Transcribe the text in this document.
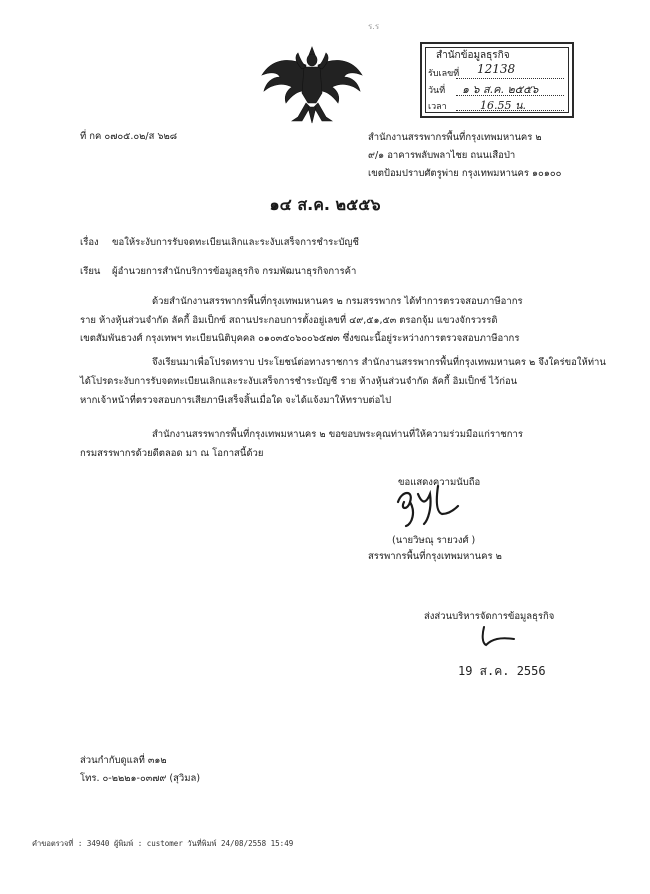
ร.ร
สำนักข้อมูลธุรกิจ
รับเลขที่ 12138
วันที่ ๑ ๖ ส.ค. ๒๕๕๖
เวลา	16.55 น.
ที่ กค ๐๗๐๕.๐๒/ส ๖๒๘	สำนักงานสรรพากรพื้นที่กรุงเทพมหานคร ๒
๙/๑ อาคารพลับพลาไชย ถนนเสือป่า
เขตป้อมปราบศัตรูพ่าย กรุงเทพมหานคร ๑๐๑๐๐
๑๔ ส.ค. ๒๕๕๖
เรื่อง ขอให้ระงับการรับจดทะเบียนเลิกและระงับเสร็จการชำระบัญชี
เรียน ผู้อำนวยการสำนักบริการข้อมูลธุรกิจ กรมพัฒนาธุรกิจการค้า
ด้วยสำนักงานสรรพากรพื้นที่กรุงเทพมหานคร ๒ กรมสรรพากร ได้ทำการตรวจสอบภาษีอากร
ราย ห้างหุ้นส่วนจำกัด ลัคกี้ อิมเป็กซ์ สถานประกอบการตั้งอยู่เลขที่ ๔๙,๕๑,๕๓ ตรอกจุ้ม แขวงจักรวรรดิ
เขตสัมพันธวงศ์ กรุงเทพฯ ทะเบียนนิติบุคคล ๐๑๐๓๕๐๖๐๐๖๕๗๓ ซึ่งขณะนี้อยู่ระหว่างการตรวจสอบภาษีอากร
จึงเรียนมาเพื่อโปรดทราบ ประโยชน์ต่อทางราชการ สำนักงานสรรพากรพื้นที่กรุงเทพมหานคร ๒ จึงใคร่ขอให้ท่าน
ได้โปรดระงับการรับจดทะเบียนเลิกและระงับเสร็จการชำระบัญชี ราย ห้างหุ้นส่วนจำกัด ลัคกี้ อิมเป็กซ์ ไว้ก่อน
หากเจ้าหน้าที่ตรวจสอบการเสียภาษีเสร็จสิ้นเมื่อใด จะได้แจ้งมาให้ทราบต่อไป
สำนักงานสรรพากรพื้นที่กรุงเทพมหานคร ๒ ขอขอบพระคุณท่านที่ให้ความร่วมมือแก่ราชการ
กรมสรรพากรด้วยดีตลอด มา ณ โอกาสนี้ด้วย
ขอแสดงความนับถือ
(นายวิษณุ รายวงศ์ )
สรรพากรพื้นที่กรุงเทพมหานคร ๒
ส่งส่วนบริหารจัดการข้อมูลธุรกิจ
19 ส.ค. 2556
ส่วนกำกับดูแลที่ ๓๑๒
โทร. ๐-๒๒๒๑-๐๓๗๙ (สุวิมล)
คำขอตรวจที่ : 34940 ผู้พิมพ์ : customer วันที่พิมพ์ 24/08/2558 15:49
